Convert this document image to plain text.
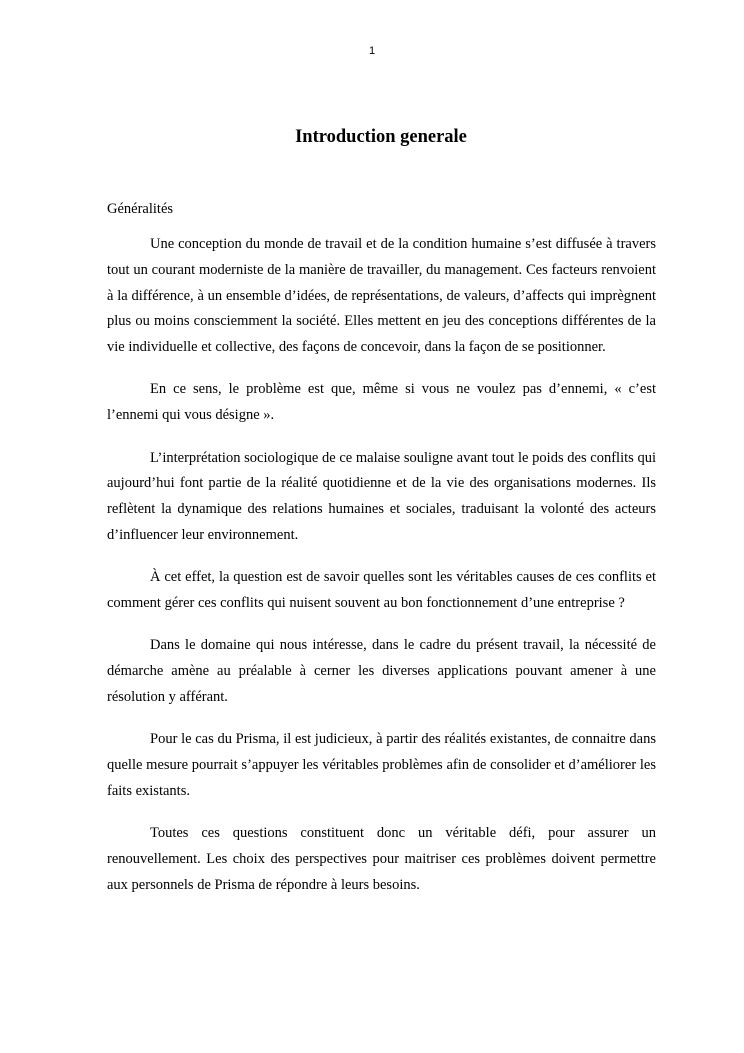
1
Introduction generale

Généralités

Une conception du monde de travail et de la condition humaine s’est diffusée à travers tout un courant moderniste de la manière de travailler, du management. Ces facteurs renvoient à la différence, à un ensemble d’idées, de représentations, de valeurs, d’affects qui imprègnent plus ou moins consciemment la société. Elles mettent en jeu des conceptions différentes de la vie individuelle et collective, des façons de concevoir, dans la façon de se positionner.

En ce sens, le problème est que, même si vous ne voulez pas d’ennemi, « c’est l’ennemi qui vous désigne ».

L’interprétation sociologique de ce malaise souligne avant tout le poids des conflits qui aujourd’hui font partie de la réalité quotidienne et de la vie des organisations modernes. Ils reflètent la dynamique des relations humaines et sociales, traduisant la volonté des acteurs d’influencer leur environnement.

À cet effet, la question est de savoir quelles sont les véritables causes de ces conflits et comment gérer ces conflits qui nuisent souvent au bon fonctionnement d’une entreprise ?

Dans le domaine qui nous intéresse, dans le cadre du présent travail, la nécessité de démarche amène au préalable à cerner les diverses applications pouvant amener à une résolution y afférant.

Pour le cas du Prisma, il est judicieux, à partir des réalités existantes, de connaitre dans quelle mesure pourrait s’appuyer les véritables problèmes afin de consolider et d’améliorer les faits existants.

Toutes ces questions constituent donc un véritable défi, pour assurer un renouvellement. Les choix des perspectives pour maitriser ces problèmes doivent permettre aux personnels de Prisma de répondre à leurs besoins.
